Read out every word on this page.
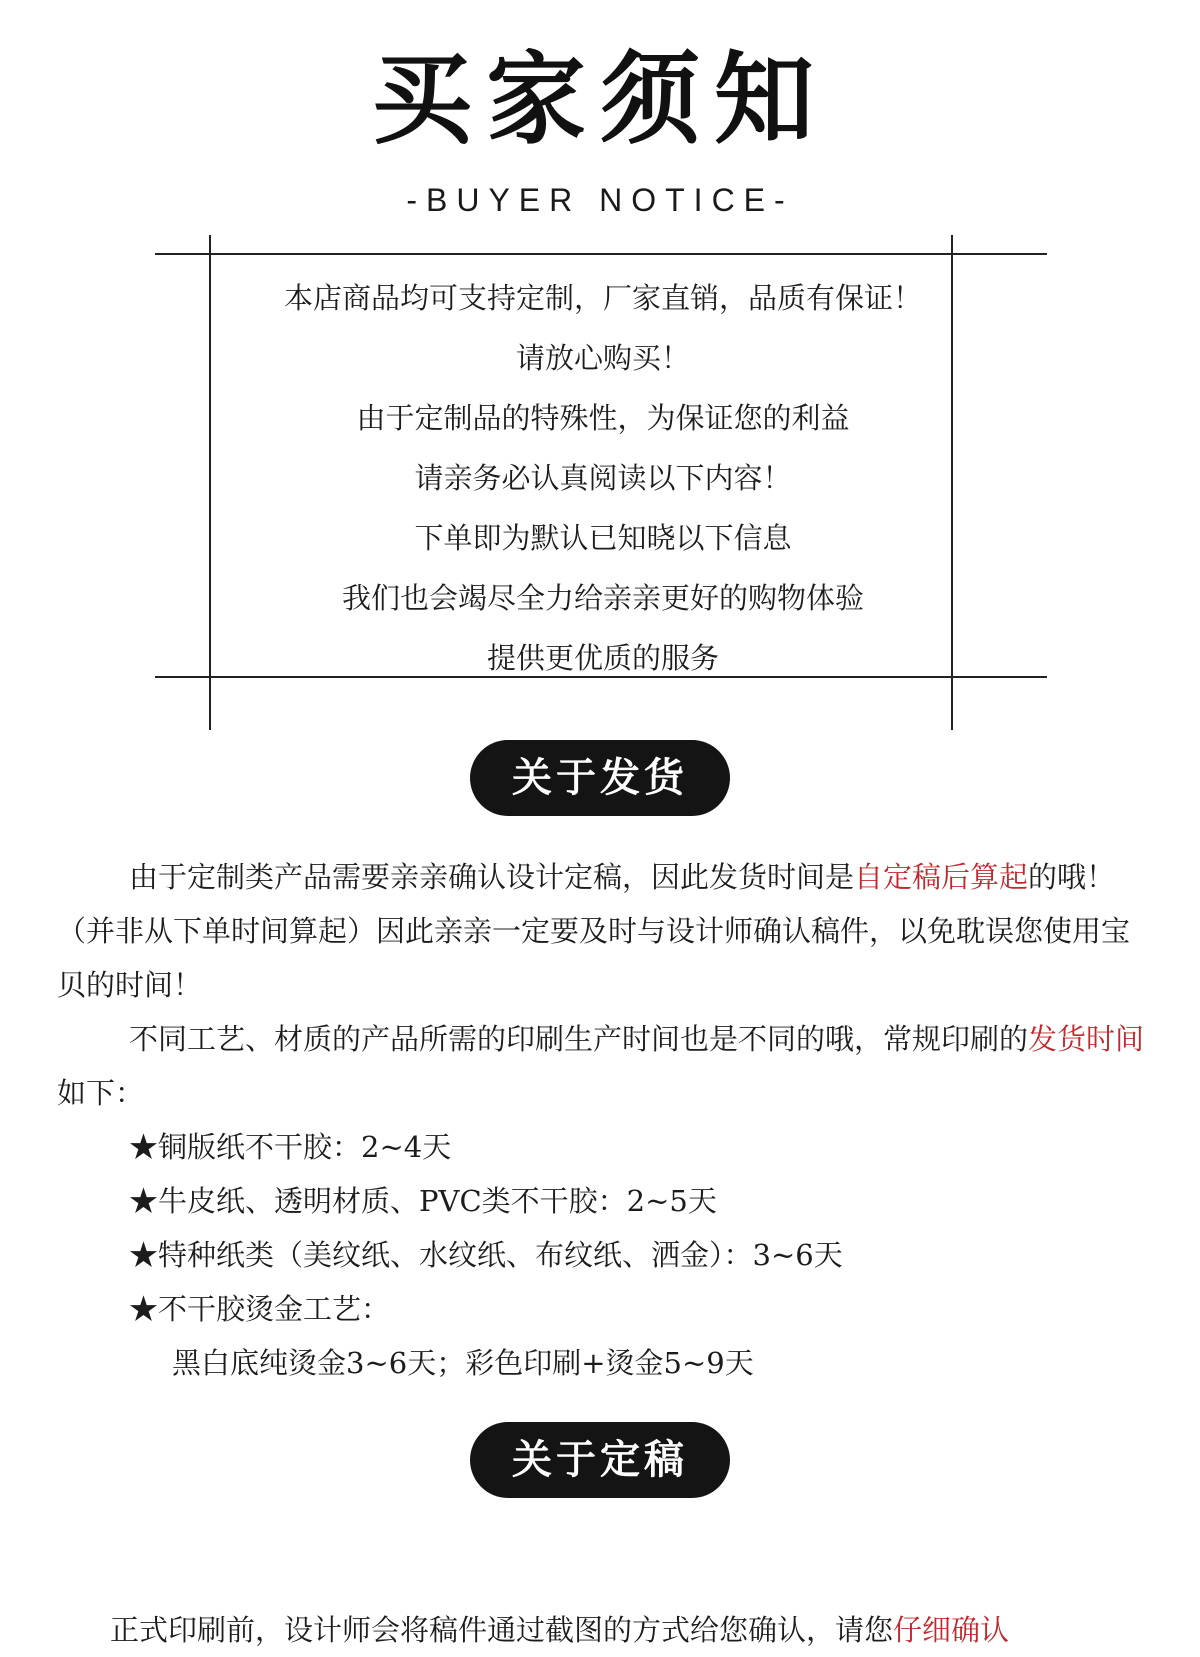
买家须知
-BUYER NOTICE-
本店商品均可支持定制，厂家直销，品质有保证！
请放心购买！
由于定制品的特殊性，为保证您的利益
请亲务必认真阅读以下内容！
下单即为默认已知晓以下信息
我们也会竭尽全力给亲亲更好的购物体验
提供更优质的服务
关于发货

由于定制类产品需要亲亲确认设计定稿，因此发货时间是自定稿后算起的哦！（并非从下单时间算起）因此亲亲一定要及时与设计师确认稿件，以免耽误您使用宝贝的时间！

不同工艺、材质的产品所需的印刷生产时间也是不同的哦，常规印刷的发货时间如下：

★铜版纸不干胶：2~4天
★牛皮纸、透明材质、PVC类不干胶：2~5天
★特种纸类（美纹纸、水纹纸、布纹纸、洒金）：3~6天
★不干胶烫金工艺：
黑白底纯烫金3~6天；彩色印刷+烫金5~9天
关于定稿
正式印刷前，设计师会将稿件通过截图的方式给您确认，请您仔细确认
